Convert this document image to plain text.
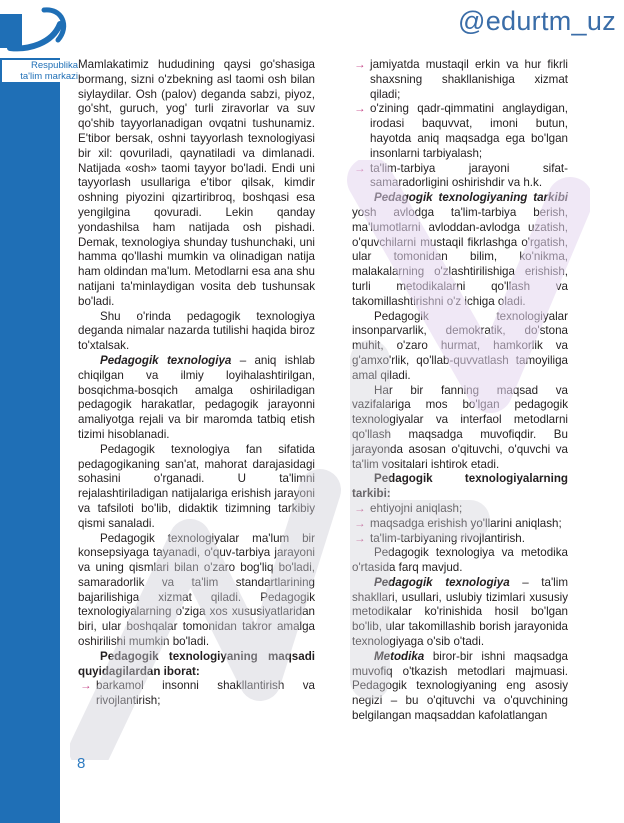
Respublika
ta'lim markazi
@edurtm_uz

Mamlakatimiz hududining qaysi go'shasiga bormang, sizni o'zbekning asl taomi osh bilan siylaydilar. Osh (palov) deganda sabzi, piyoz, go'sht, guruch, yog' turli ziravorlar va suv qo'shib tayyorlanadigan ovqatni tushunamiz. E'tibor bersak, oshni tayyorlash texnologiyasi bir xil: qovuriladi, qaynatiladi va dimlanadi. Natijada «osh» taomi tayyor bo'ladi. Endi uni tayyorlash usullariga e'tibor qilsak, kimdir oshning piyozini qizartiribroq, boshqasi esa yengilgina qovuradi. Lekin qanday yondashilsa ham natijada osh pishadi. Demak, texnologiya shunday tushunchaki, uni hamma qo'llashi mumkin va olinadigan natija ham oldindan ma'lum. Metodlarni esa ana shu natijani ta'minlaydigan vosita deb tushunsak bo'ladi.

Shu o'rinda pedagogik texnologiya deganda nimalar nazarda tutilishi haqida biroz to'xtalsak.

Pedagogik texnologiya – aniq ishlab chiqilgan va ilmiy loyihalashtirilgan, bosqichma-bosqich amalga oshiriladigan pedagogik harakatlar, pedagogik jarayonni amaliyotga rejali va bir maromda tatbiq etish tizimi hisoblanadi.

Pedagogik texnologiya fan sifatida pedagogikaning san'at, mahorat darajasidagi sohasini o'rganadi. U ta'limni rejalashtiriladigan natijalariga erishish jarayoni va tafsiloti bo'lib, didaktik tizimning tarkibiy qismi sanaladi.

Pedagogik texnologiyalar ma'lum bir konsepsiyaga tayanadi, o'quv-tarbiya jarayoni va uning qismlari bilan o'zaro bog'liq bo'ladi, samaradorlik va ta'lim standartlarining bajarilishiga xizmat qiladi. Pedagogik texnologiyalarning o'ziga xos xususiyatlaridan biri, ular boshqalar tomonidan takror amalga oshirilishi mumkin bo'ladi.

Pedagogik texnologiyaning maqsadi quyidagilardan iborat:

→ barkamol insonni shakllantirish va rivojlantirish;
→ jamiyatda mustaqil erkin va hur fikrli shaxsning shakllanishiga xizmat qiladi;
→ o'zining qadr-qimmatini anglaydigan, irodasi baquvvat, imoni butun, hayotda aniq maqsadga ega bo'lgan insonlarni tarbiyalash;
→ ta'lim-tarbiya jarayoni sifat-samaradorligini oshirishdir va h.k.

Pedagogik texnologiyaning tarkibi yosh avlodga ta'lim-tarbiya berish, ma'lumotlarni avloddan-avlodga uzatish, o'quvchilarni mustaqil fikrlashga o'rgatish, ular tomonidan bilim, ko'nikma, malakalarning o'zlashtirilishiga erishish, turli metodikalarni qo'llash va takomillashtirishni o'z ichiga oladi.

Pedagogik texnologiyalar insonparvarlik, demokratik, do'stona muhit, o'zaro hurmat, hamkorlik va g'amxo'rlik, qo'llab-quvvatlash tamoyiliga amal qiladi.

Har bir fanning maqsad va vazifalariga mos bo'lgan pedagogik texnologiyalar va interfaol metodlarni qo'llash maqsadga muvofiqdir. Bu jarayonda asosan o'qituvchi, o'quvchi va ta'lim vositalari ishtirok etadi.

Pedagogik texnologiyalarning tarkibi:

→ ehtiyojni aniqlash;
→ maqsadga erishish yo'llarini aniqlash;
→ ta'lim-tarbiyaning rivojlantirish.

Pedagogik texnologiya va metodika o'rtasida farq mavjud.

Pedagogik texnologiya – ta'lim shakllari, usullari, uslubiy tizimlari xususiy metodikalar ko'rinishida hosil bo'lgan bo'lib, ular takomillashib borish jarayonida texnologiyaga o'sib o'tadi.

Metodika biror-bir ishni maqsadga muvofiq o'tkazish metodlari majmuasi. Pedagogik texnologiyaning eng asosiy negizi – bu o'qituvchi va o'quvchining belgilangan maqsaddan kafolatlangan

8
